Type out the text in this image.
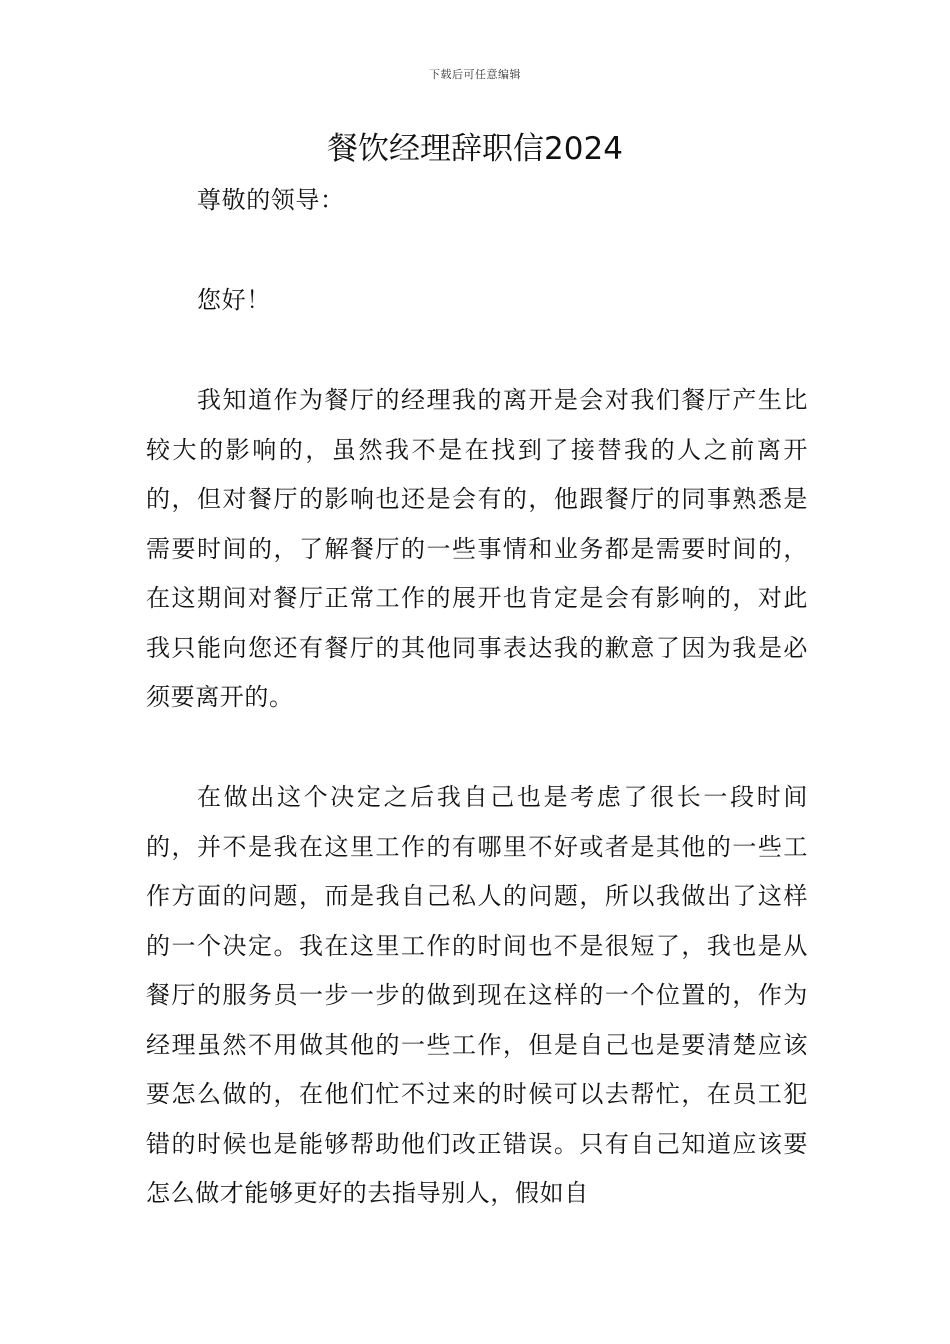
下载后可任意编辑
餐饮经理辞职信2024

尊敬的领导：

您好！

我知道作为餐厅的经理我的离开是会对我们餐厅产生比较大的影响的，虽然我不是在找到了接替我的人之前离开的，但对餐厅的影响也还是会有的，他跟餐厅的同事熟悉是需要时间的，了解餐厅的一些事情和业务都是需要时间的，在这期间对餐厅正常工作的展开也肯定是会有影响的，对此我只能向您还有餐厅的其他同事表达我的歉意了因为我是必须要离开的。

在做出这个决定之后我自己也是考虑了很长一段时间的，并不是我在这里工作的有哪里不好或者是其他的一些工作方面的问题，而是我自己私人的问题，所以我做出了这样的一个决定。我在这里工作的时间也不是很短了，我也是从餐厅的服务员一步一步的做到现在这样的一个位置的，作为经理虽然不用做其他的一些工作，但是自己也是要清楚应该要怎么做的，在他们忙不过来的时候可以去帮忙，在员工犯错的时候也是能够帮助他们改正错误。只有自己知道应该要怎么做才能够更好的去指导别人，假如自
